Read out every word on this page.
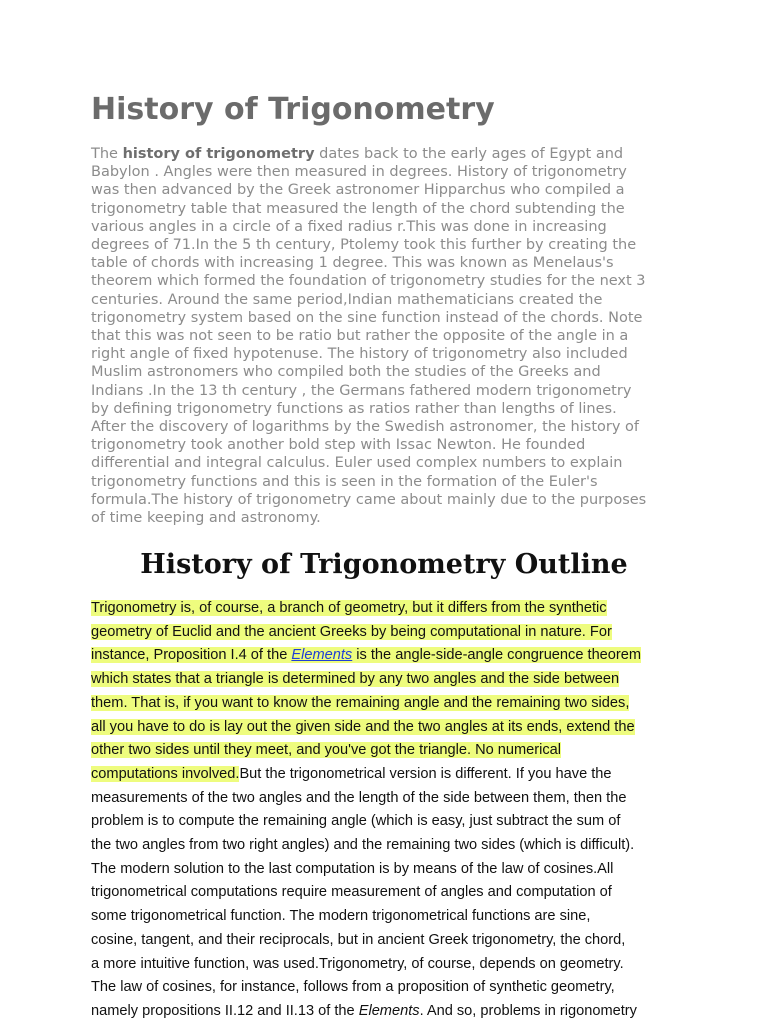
History of Trigonometry
The history of trigonometry dates back to the early ages of Egypt and
Babylon . Angles were then measured in degrees. History of trigonometry
was then advanced by the Greek astronomer Hipparchus who compiled a
trigonometry table that measured the length of the chord subtending the
various angles in a circle of a fixed radius r.This was done in increasing
degrees of 71.In the 5 th century, Ptolemy took this further by creating the
table of chords with increasing 1 degree. This was known as Menelaus's
theorem which formed the foundation of trigonometry studies for the next 3
centuries. Around the same period,Indian mathematicians created the
trigonometry system based on the sine function instead of the chords. Note
that this was not seen to be ratio but rather the opposite of the angle in a
right angle of fixed hypotenuse. The history of trigonometry also included
Muslim astronomers who compiled both the studies of the Greeks and
Indians .In the 13 th century , the Germans fathered modern trigonometry
by defining trigonometry functions as ratios rather than lengths of lines.
After the discovery of logarithms by the Swedish astronomer, the history of
trigonometry took another bold step with Issac Newton. He founded
differential and integral calculus. Euler used complex numbers to explain
trigonometry functions and this is seen in the formation of the Euler's
formula.The history of trigonometry came about mainly due to the purposes
of time keeping and astronomy.
History of Trigonometry Outline
Trigonometry is, of course, a branch of geometry, but it differs from the synthetic
geometry of Euclid and the ancient Greeks by being computational in nature. For
instance, Proposition I.4 of the Elements is the angle-side-angle congruence theorem
which states that a triangle is determined by any two angles and the side between
them. That is, if you want to know the remaining angle and the remaining two sides,
all you have to do is lay out the given side and the two angles at its ends, extend the
other two sides until they meet, and you've got the triangle. No numerical
computations involved.But the trigonometrical version is different. If you have the
measurements of the two angles and the length of the side between them, then the
problem is to compute the remaining angle (which is easy, just subtract the sum of
the two angles from two right angles) and the remaining two sides (which is difficult).
The modern solution to the last computation is by means of the law of cosines.All
trigonometrical computations require measurement of angles and computation of
some trigonometrical function. The modern trigonometrical functions are sine,
cosine, tangent, and their reciprocals, but in ancient Greek trigonometry, the chord,
a more intuitive function, was used.Trigonometry, of course, depends on geometry.
The law of cosines, for instance, follows from a proposition of synthetic geometry,
namely propositions II.12 and II.13 of the Elements. And so, problems in rigonometry
